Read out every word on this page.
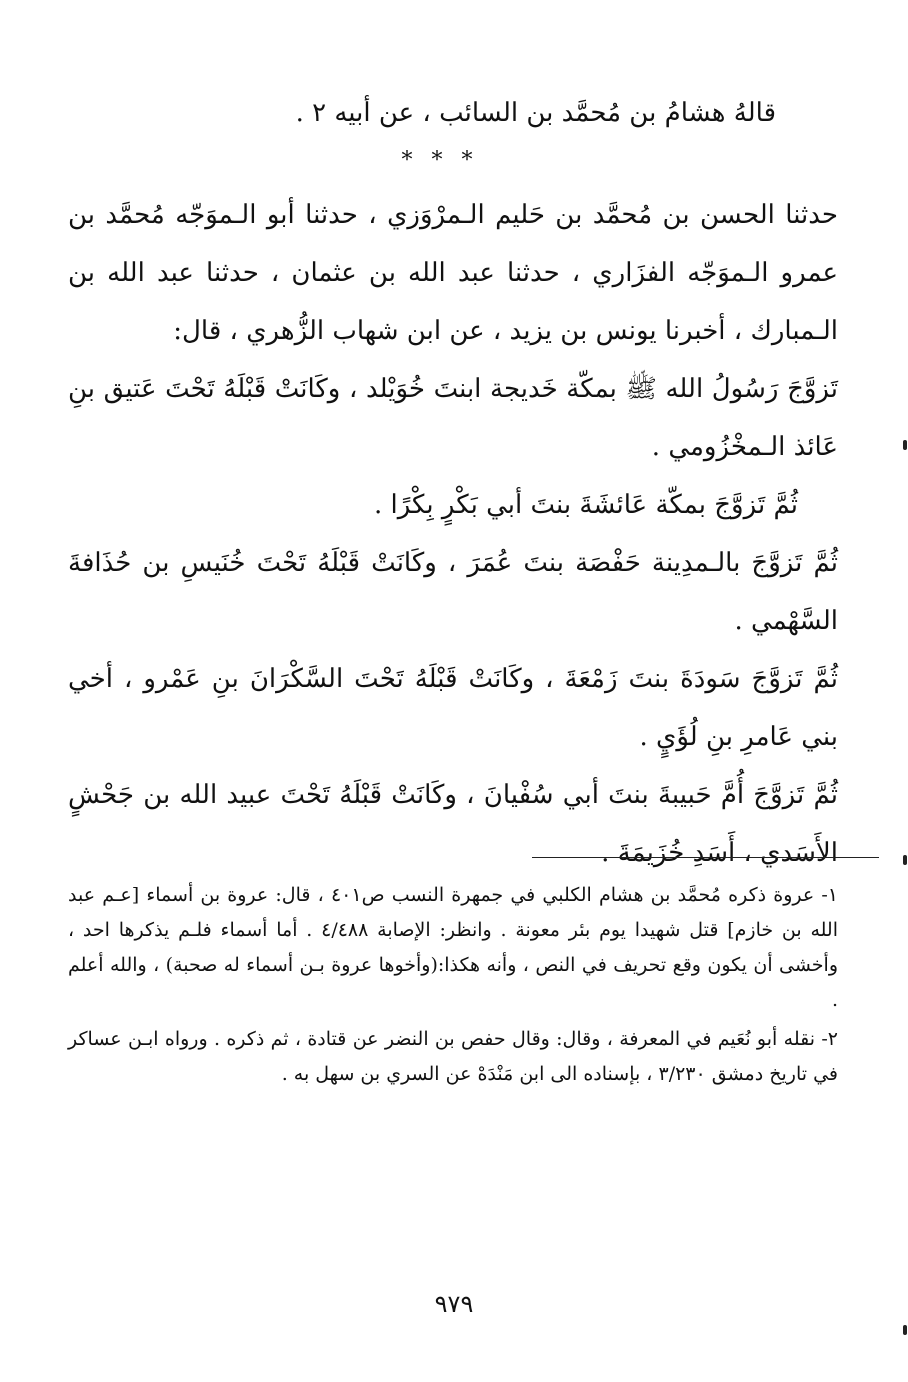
قالهُ هشامُ بن مُحمَّد بن السائب ، عن أبيه ٢ .
* * *

حدثنا الحسن بن مُحمَّد بن حَليم الـمرْوَزي ، حدثنا أبو الـموَجّه مُحمَّد بن عمرو الـموَجّه الفزَاري ، حدثنا عبد الله بن عثمان ، حدثنا عبد الله بن الـمبارك ، أخبرنا يونس بن يزيد ، عن ابن شهاب الزُّهري ، قال:

تَزوَّجَ رَسُولُ الله ﷺ بمكّة خَديجة ابنتَ خُوَيْلد ، وكَانَتْ قَبْلَهُ تَحْتَ عَتيق بنِ عَائذ الـمخْزُومي .

ثُمَّ تَزوَّجَ بمكّة عَائشَةَ بنتَ أبي بَكْرٍ بِكْرًا .

ثُمَّ تَزوَّجَ بالـمدِينة حَفْصَة بنتَ عُمَرَ ، وكَانَتْ قَبْلَهُ تَحْتَ خُنَيسِ بن حُذَافةَ السَّهْمي .

ثُمَّ تَزوَّجَ سَودَةَ بنتَ زَمْعَةَ ، وكَانَتْ قَبْلَهُ تَحْتَ السَّكْرَانَ بنِ عَمْرو ، أخي بني عَامرِ بنِ لُؤَيٍ .

ثُمَّ تَزوَّجَ أُمَّ حَبيبةَ بنتَ أبي سُفْيانَ ، وكَانَتْ قَبْلَهُ تَحْتَ عبيد الله بن جَحْشٍ الأَسَدي ، أَسَدِ خُزَيمَةَ .

١- عروة ذكره مُحمَّد بن هشام الكلبي في جمهرة النسب ص٤٠١ ، قال: عروة بن أسماء [عـم عبد الله بن خازم] قتل شهيدا يوم بئر معونة . وانظر: الإصابة ٤/٤٨٨ . أما أسماء فلـم يذكرها احد ، وأخشى أن يكون وقع تحريف في النص ، وأنه هكذا:(وأخوها عروة بـن أسماء له صحبة) ، والله أعلم .

٢- نقله أبو نُعَيم في المعرفة ، وقال: وقال حفص بن النضر عن قتادة ، ثم ذكره . ورواه ابـن عساكر في تاريخ دمشق ٣/٢٣٠ ، بإسناده الى ابن مَنْدَهْ عن السري بن سهل به .

٩٧٩
